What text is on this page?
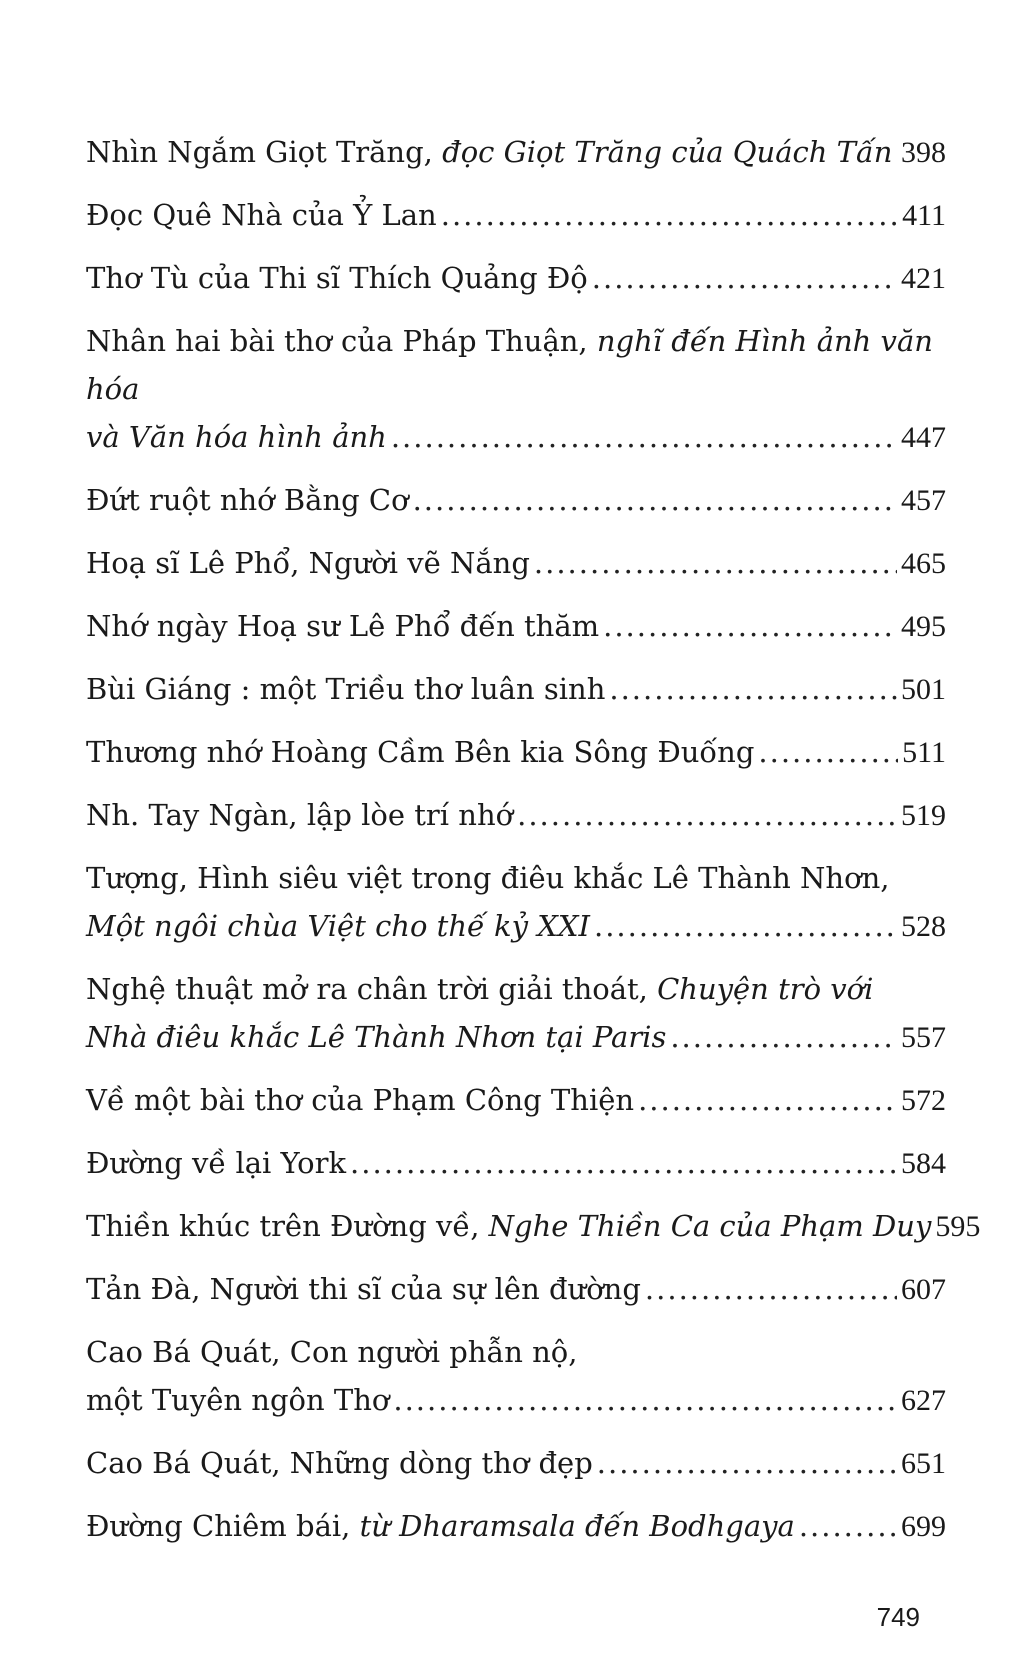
Nhìn Ngắm Giọt Trăng, đọc Giọt Trăng của Quách Tấn ..... 398
Đọc Quê Nhà của Ỷ Lan .....	411
Thơ Tù của Thi sĩ Thích Quảng Độ .....	421
Nhân hai bài thơ của Pháp Thuận, nghĩ đến Hình ảnh văn hóa
và Văn hóa hình ảnh .....	447
Đứt ruột nhớ Bằng Cơ .....	457
Hoạ sĩ Lê Phổ, Người vẽ Nắng .....	465
Nhớ ngày Hoạ sư Lê Phổ đến thăm .....	495
Bùi Giáng : một Triều thơ luân sinh .....	501
Thương nhớ Hoàng Cầm Bên kia Sông Đuống .....	511
Nh. Tay Ngàn, lập lòe trí nhớ .....	519
Tượng, Hình siêu việt trong điêu khắc Lê Thành Nhơn,
Một ngôi chùa Việt cho thế kỷ XXI .....	528
Nghệ thuật mở ra chân trời giải thoát, Chuyện trò với
Nhà điêu khắc Lê Thành Nhơn tại Paris .....	557
Về một bài thơ của Phạm Công Thiện .....	572
Đường về lại York .....	584
Thiền khúc trên Đường về, Nghe Thiền Ca của Phạm Duy 595
Tản Đà, Người thi sĩ của sự lên đường .....	607
Cao Bá Quát, Con người phẫn nộ,
một Tuyên ngôn Thơ .....	627
Cao Bá Quát, Những dòng thơ đẹp .....	651
Đường Chiêm bái, từ Dharamsala đến Bodhgaya .....	699
749
